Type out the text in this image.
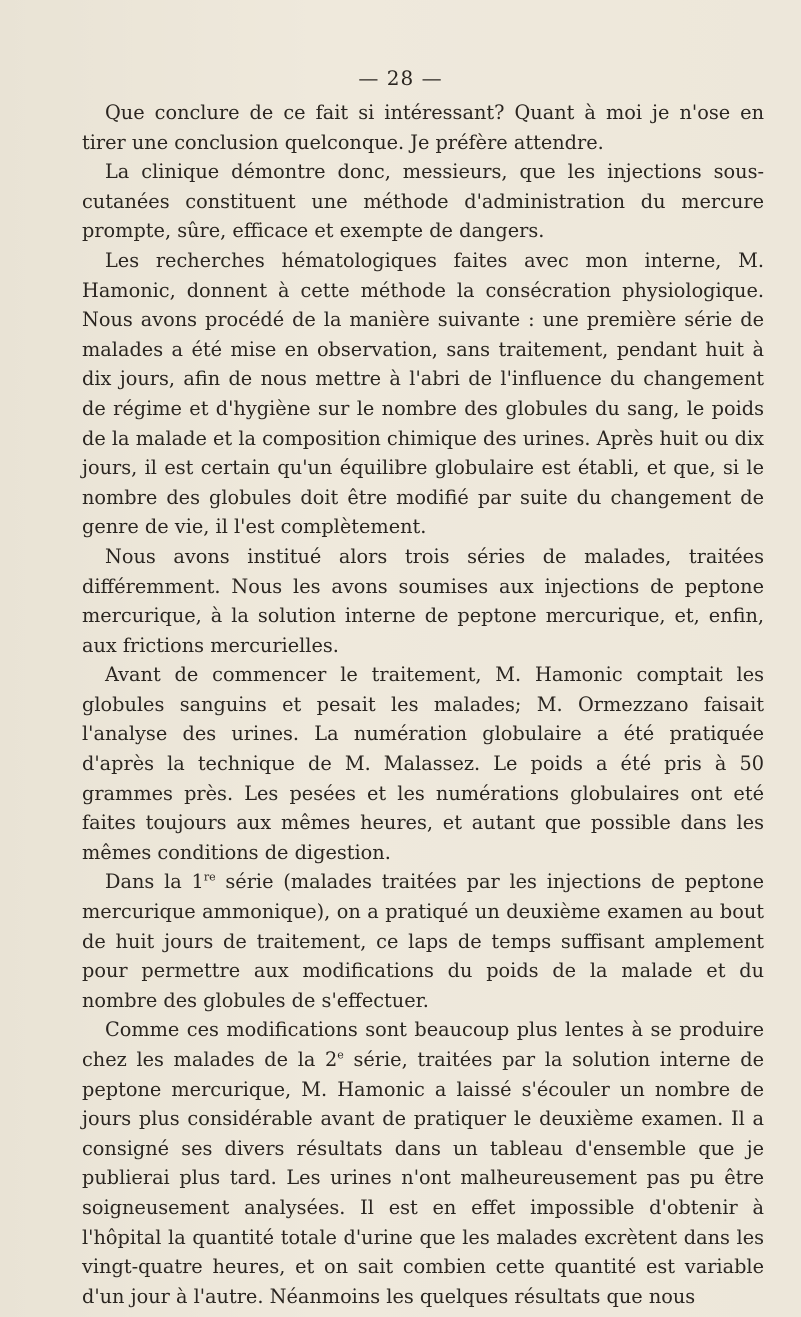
— 28 —

Que conclure de ce fait si intéressant? Quant à moi je n'ose en tirer une conclusion quelconque. Je préfère attendre.

La clinique démontre donc, messieurs, que les injections sous-cutanées constituent une méthode d'administration du mercure prompte, sûre, efficace et exempte de dangers.

Les recherches hématologiques faites avec mon interne, M. Hamonic, donnent à cette méthode la consécration physiologique. Nous avons procédé de la manière suivante : une première série de malades a été mise en observation, sans traitement, pendant huit à dix jours, afin de nous mettre à l'abri de l'influence du changement de régime et d'hygiène sur le nombre des globules du sang, le poids de la malade et la composition chimique des urines. Après huit ou dix jours, il est certain qu'un équilibre globulaire est établi, et que, si le nombre des globules doit être modifié par suite du changement de genre de vie, il l'est complètement.

Nous avons institué alors trois séries de malades, traitées différemment. Nous les avons soumises aux injections de peptone mercurique, à la solution interne de peptone mercurique, et, enfin, aux frictions mercurielles.

Avant de commencer le traitement, M. Hamonic comptait les globules sanguins et pesait les malades; M. Ormezzano faisait l'analyse des urines. La numération globulaire a été pratiquée d'après la technique de M. Malassez. Le poids a été pris à 50 grammes près. Les pesées et les numérations globulaires ont eté faites toujours aux mêmes heures, et autant que possible dans les mêmes conditions de digestion.

Dans la 1re série (malades traitées par les injections de peptone mercurique ammonique), on a pratiqué un deuxième examen au bout de huit jours de traitement, ce laps de temps suffisant amplement pour permettre aux modifications du poids de la malade et du nombre des globules de s'effectuer.

Comme ces modifications sont beaucoup plus lentes à se produire chez les malades de la 2e série, traitées par la solution interne de peptone mercurique, M. Hamonic a laissé s'écouler un nombre de jours plus considérable avant de pratiquer le deuxième examen. Il a consigné ses divers résultats dans un tableau d'ensemble que je publierai plus tard. Les urines n'ont malheureusement pas pu être soigneusement analysées. Il est en effet impossible d'obtenir à l'hôpital la quantité totale d'urine que les malades excrètent dans les vingt-quatre heures, et on sait combien cette quantité est variable d'un jour à l'autre. Néanmoins les quelques résultats que nous
